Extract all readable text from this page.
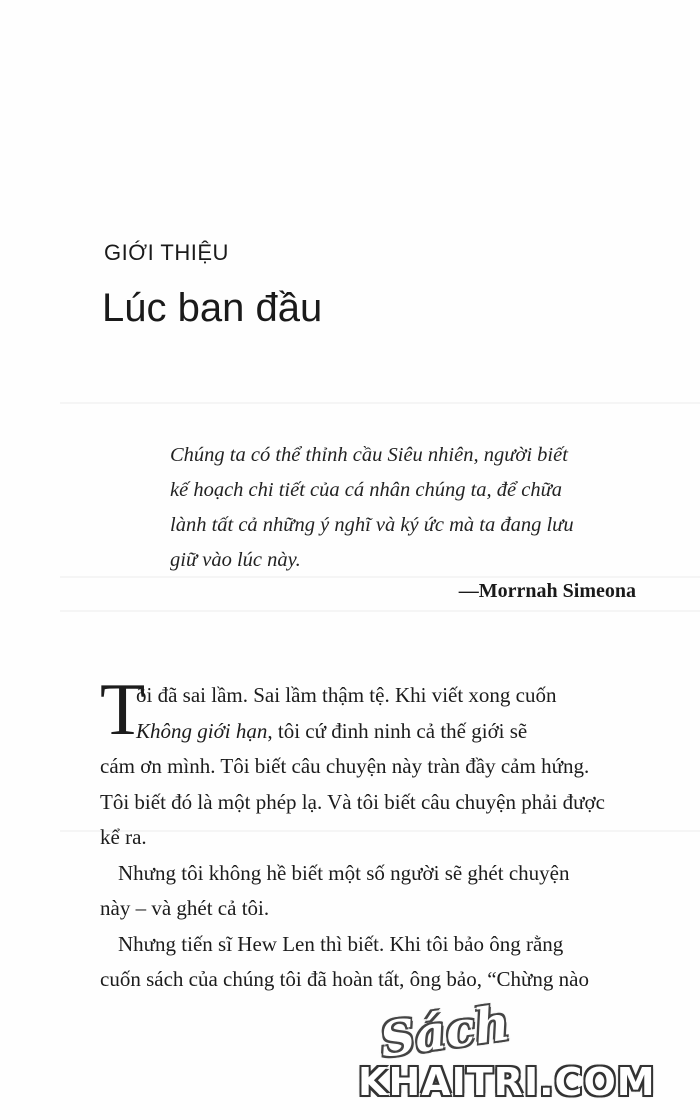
GIỚI THIỆU
Lúc ban đầu
Chúng ta có thể thỉnh cầu Siêu nhiên, người biết
kế hoạch chi tiết của cá nhân chúng ta, để chữa
lành tất cả những ý nghĩ và ký ức mà ta đang lưu
giữ vào lúc này.
—Morrnah Simeona
T
ôi đã sai lầm. Sai lầm thậm tệ. Khi viết xong cuốn
Không giới hạn, tôi cứ đinh ninh cả thế giới sẽ
cám ơn mình. Tôi biết câu chuyện này tràn đầy cảm hứng.
Tôi biết đó là một phép lạ. Và tôi biết câu chuyện phải được
kể ra.
Nhưng tôi không hề biết một số người sẽ ghét chuyện
này – và ghét cả tôi.
Nhưng tiến sĩ Hew Len thì biết. Khi tôi bảo ông rằng
cuốn sách của chúng tôi đã hoàn tất, ông bảo, “Chừng nào
Sách
KHAITRI.COM
